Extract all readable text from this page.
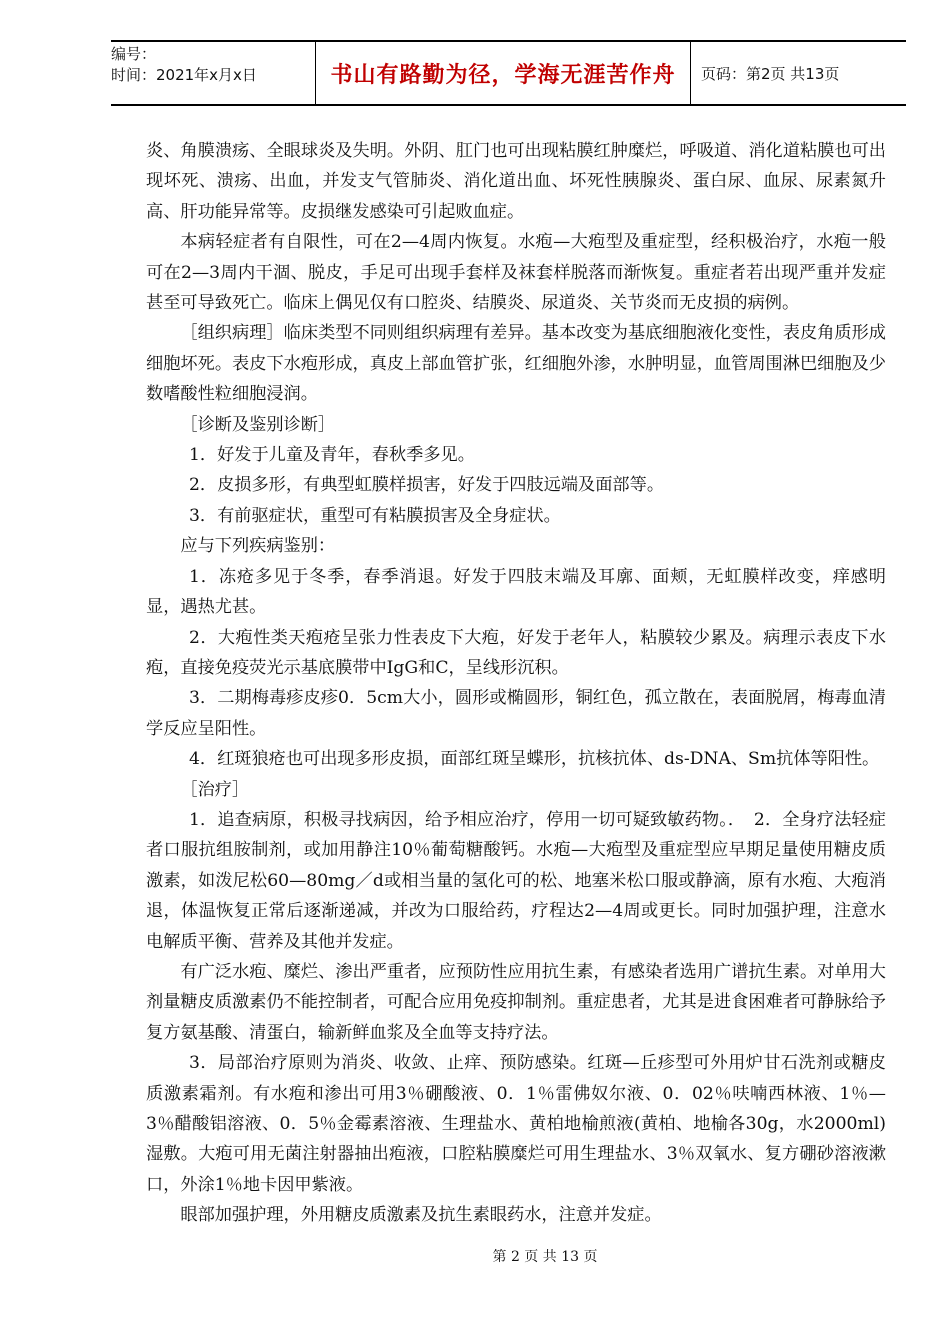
编号：
时间：2021年x月x日	书山有路勤为径，学海无涯苦作舟	页码：第2页 共13页

炎、角膜溃疡、全眼球炎及失明。外阴、肛门也可出现粘膜红肿糜烂，呼吸道、消化道粘膜也可出现坏死、溃疡、出血，并发支气管肺炎、消化道出血、坏死性胰腺炎、蛋白尿、血尿、尿素氮升高、肝功能异常等。皮损继发感染可引起败血症。

本病轻症者有自限性，可在2—4周内恢复。水疱—大疱型及重症型，经积极治疗，水疱一般可在2—3周内干涸、脱皮，手足可出现手套样及袜套样脱落而渐恢复。重症者若出现严重并发症甚至可导致死亡。临床上偶见仅有口腔炎、结膜炎、尿道炎、关节炎而无皮损的病例。

［组织病理］临床类型不同则组织病理有差异。基本改变为基底细胞液化变性，表皮角质形成细胞坏死。表皮下水疱形成，真皮上部血管扩张，红细胞外渗，水肿明显，血管周围淋巴细胞及少数嗜酸性粒细胞浸润。

［诊断及鉴别诊断］

1．好发于儿童及青年，春秋季多见。

2．皮损多形，有典型虹膜样损害，好发于四肢远端及面部等。

3．有前驱症状，重型可有粘膜损害及全身症状。

应与下列疾病鉴别：

1．冻疮多见于冬季，春季消退。好发于四肢末端及耳廓、面颊，无虹膜样改变，痒感明显，遇热尤甚。

2．大疱性类天疱疮呈张力性表皮下大疱，好发于老年人，粘膜较少累及。病理示表皮下水疱，直接免疫荧光示基底膜带中IgG和C，呈线形沉积。

3．二期梅毒疹皮疹0．5cm大小，圆形或椭圆形，铜红色，孤立散在，表面脱屑，梅毒血清学反应呈阳性。

4．红斑狼疮也可出现多形皮损，面部红斑呈蝶形，抗核抗体、ds-DNA、Sm抗体等阳性。

［治疗］

1．追查病原，积极寻找病因，给予相应治疗，停用一切可疑致敏药物。．　2．全身疗法轻症者口服抗组胺制剂，或加用静注10％葡萄糖酸钙。水疱—大疱型及重症型应早期足量使用糖皮质激素，如泼尼松60—80mg／d或相当量的氢化可的松、地塞米松口服或静滴，原有水疱、大疱消退，体温恢复正常后逐渐递减，并改为口服给药，疗程达2—4周或更长。同时加强护理，注意水电解质平衡、营养及其他并发症。

有广泛水疱、糜烂、渗出严重者，应预防性应用抗生素，有感染者选用广谱抗生素。对单用大剂量糖皮质激素仍不能控制者，可配合应用免疫抑制剂。重症患者，尤其是进食困难者可静脉给予复方氨基酸、清蛋白，输新鲜血浆及全血等支持疗法。

3．局部治疗原则为消炎、收敛、止痒、预防感染。红斑—丘疹型可外用炉甘石洗剂或糖皮质激素霜剂。有水疱和渗出可用3％硼酸液、0．1％雷佛奴尔液、0．02％呋喃西林液、1％—3％醋酸铝溶液、0．5％金霉素溶液、生理盐水、黄柏地榆煎液(黄柏、地榆各30g，水2000ml)湿敷。大疱可用无菌注射器抽出疱液，口腔粘膜糜烂可用生理盐水、3％双氧水、复方硼砂溶液漱口，外涂1％地卡因甲紫液。

眼部加强护理，外用糖皮质激素及抗生素眼药水，注意并发症。

第 2 页 共 13 页
